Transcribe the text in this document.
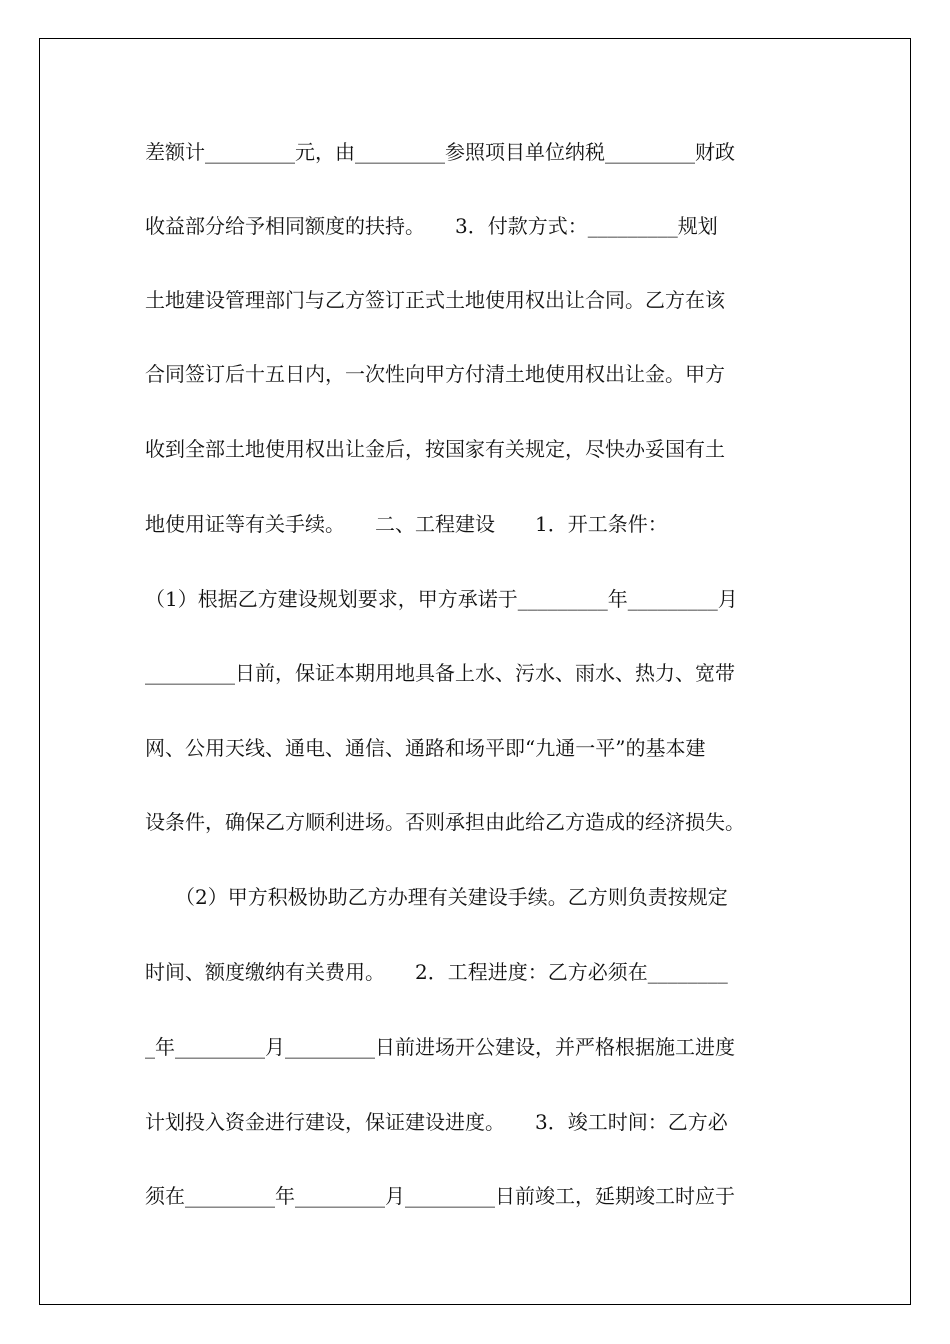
差额计_________元，由_________参照项目单位纳税_________财政
收益部分给予相同额度的扶持。　　3．付款方式：_________规划
土地建设管理部门与乙方签订正式土地使用权出让合同。乙方在该
合同签订后十五日内，一次性向甲方付清土地使用权出让金。甲方
收到全部土地使用权出让金后，按国家有关规定，尽快办妥国有土
地使用证等有关手续。　　二、工程建设　　1．开工条件：
（1）根据乙方建设规划要求，甲方承诺于_________年_________月
_________日前，保证本期用地具备上水、污水、雨水、热力、宽带
网、公用天线、通电、通信、通路和场平即“九通一平”的基本建
设条件，确保乙方顺利进场。否则承担由此给乙方造成的经济损失。
　　（2）甲方积极协助乙方办理有关建设手续。乙方则负责按规定
时间、额度缴纳有关费用。　　2．工程进度：乙方必须在________
_年_________月_________日前进场开公建设，并严格根据施工进度
计划投入资金进行建设，保证建设进度。　　3．竣工时间：乙方必
须在_________年_________月_________日前竣工，延期竣工时应于
